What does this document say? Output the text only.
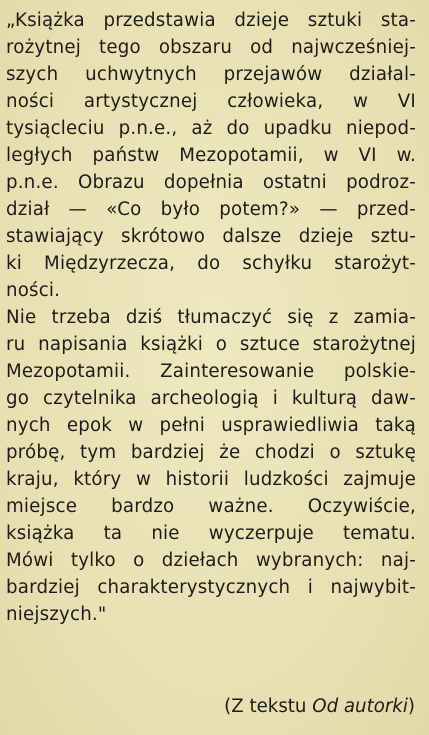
„Książka przedstawia dzieje sztuki sta-
rożytnej tego obszaru od najwcześniej-
szych uchwytnych przejawów działal-
ności artystycznej człowieka, w VI
tysiącleciu p.n.e., aż do upadku niepod-
ległych państw Mezopotamii, w VI w.
p.n.e. Obrazu dopełnia ostatni podroz-
dział — «Co było potem?» — przed-
stawiający skrótowo dalsze dzieje sztu-
ki Międzyrzecza, do schyłku starożyt-
ności.
Nie trzeba dziś tłumaczyć się z zamia-
ru napisania książki o sztuce starożytnej
Mezopotamii. Zainteresowanie polskie-
go czytelnika archeologią i kulturą daw-
nych epok w pełni usprawiedliwia taką
próbę, tym bardziej że chodzi o sztukę
kraju, który w historii ludzkości zajmuje
miejsce bardzo ważne. Oczywiście,
książka ta nie wyczerpuje tematu.
Mówi tylko o dziełach wybranych: naj-
bardziej charakterystycznych i najwybit-
niejszych."
(Z tekstu Od autorki)
